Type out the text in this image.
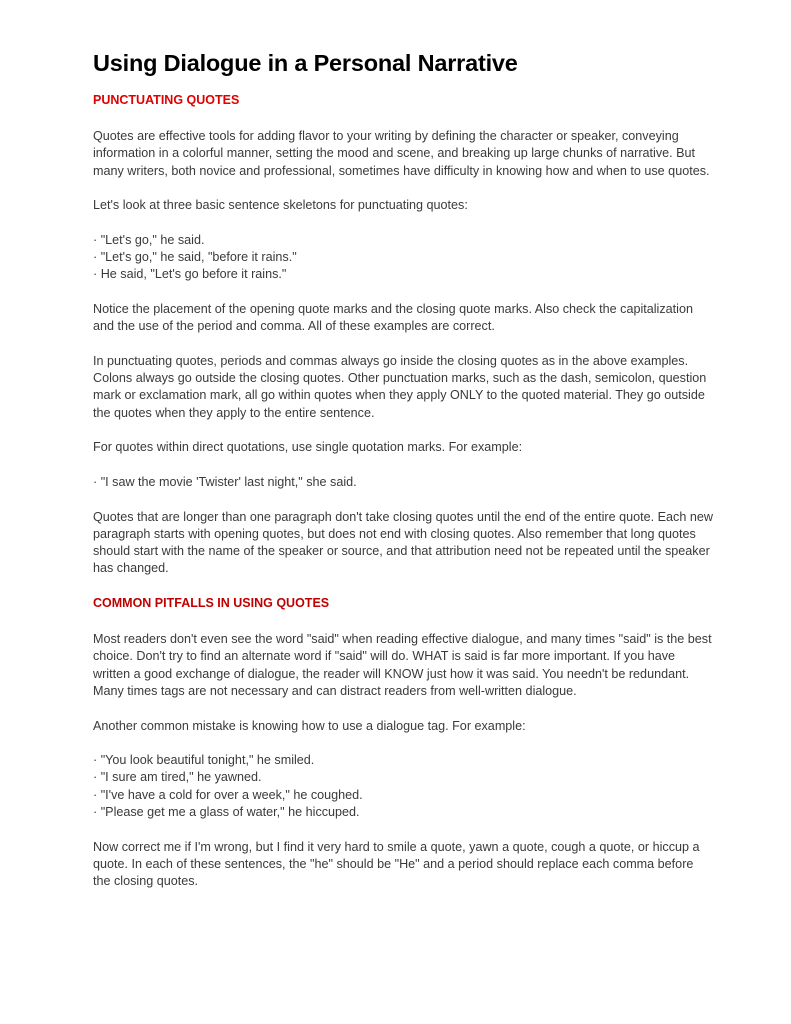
Using Dialogue in a Personal Narrative
PUNCTUATING QUOTES

Quotes are effective tools for adding flavor to your writing by defining the character or speaker, conveying information in a colorful manner, setting the mood and scene, and breaking up large chunks of narrative. But many writers, both novice and professional, sometimes have difficulty in knowing how and when to use quotes.

Let's look at three basic sentence skeletons for punctuating quotes:

· "Let's go," he said.
· "Let's go," he said, "before it rains."
· He said, "Let's go before it rains."

Notice the placement of the opening quote marks and the closing quote marks. Also check the capitalization and the use of the period and comma. All of these examples are correct.

In punctuating quotes, periods and commas always go inside the closing quotes as in the above examples. Colons always go outside the closing quotes. Other punctuation marks, such as the dash, semicolon, question mark or exclamation mark, all go within quotes when they apply ONLY to the quoted material. They go outside the quotes when they apply to the entire sentence.

For quotes within direct quotations, use single quotation marks. For example:

· "I saw the movie 'Twister' last night," she said.

Quotes that are longer than one paragraph don't take closing quotes until the end of the entire quote. Each new paragraph starts with opening quotes, but does not end with closing quotes. Also remember that long quotes should start with the name of the speaker or source, and that attribution need not be repeated until the speaker has changed.

COMMON PITFALLS IN USING QUOTES

Most readers don't even see the word "said" when reading effective dialogue, and many times "said" is the best choice. Don't try to find an alternate word if "said" will do. WHAT is said is far more important. If you have written a good exchange of dialogue, the reader will KNOW just how it was said. You needn't be redundant. Many times tags are not necessary and can distract readers from well-written dialogue.

Another common mistake is knowing how to use a dialogue tag. For example:

· "You look beautiful tonight," he smiled.
· "I sure am tired," he yawned.
· "I've have a cold for over a week," he coughed.
· "Please get me a glass of water," he hiccuped.

Now correct me if I'm wrong, but I find it very hard to smile a quote, yawn a quote, cough a quote, or hiccup a quote. In each of these sentences, the "he" should be "He" and a period should replace each comma before the closing quotes.
